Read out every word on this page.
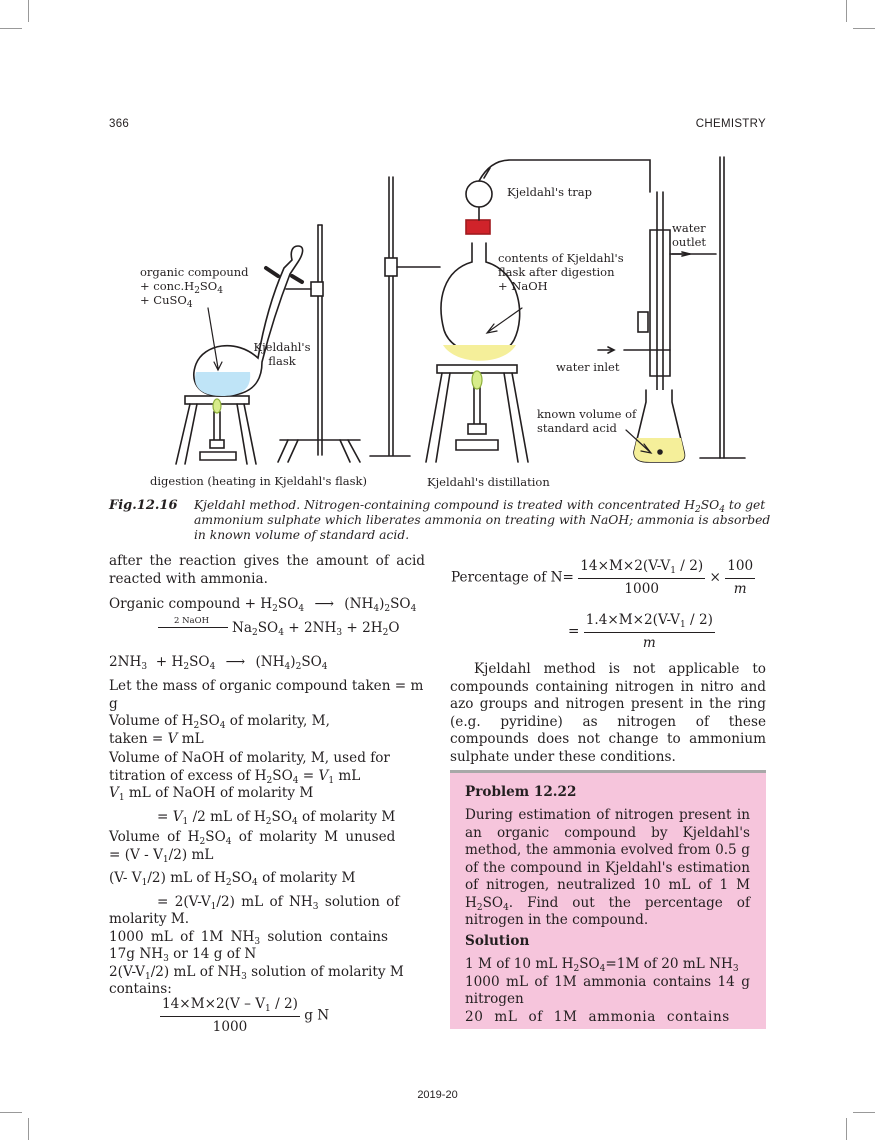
366	CHEMISTRY
organic compound
+ $conc.H_2SO_4$
+ CuSO$_4$
Kjeldahl's
flask
Kjeldahl's trap
contents of Kjeldahl's
flask after digestion
+ NaOH
water
outlet
water inlet
known volume of
standard acid
digestion (heating in Kjeldahl's flask)	Kjeldahl's distillation
Fig.12.16 Kjeldahl method. Nitrogen-containing compound is treated with concentrated $H_2SO_4$ to get
ammonium sulphate which liberates ammonia on treating with NaOH; ammonia is absorbed
in known volume of standard acid.
after the reaction gives the amount of acid reacted with ammonia.
Organic compound + $H_2SO_4$ ⟶ $(NH_4)_2SO_4$
2 NaOH $Na_2SO_4 + 2NH_3 + 2H_2O$
$2NH_3 + H_2SO_4$ ⟶ $(NH_4)_2SO_4$
Let the mass of organic compound taken = m g
Volume of $H_2SO_4$ of molarity, M,
taken = V mL
Volume of NaOH of molarity, M, used for
titration of excess of $H_2SO_4 = V_1$ mL
$V_1$ mL of NaOH of molarity M
= $V_1$ /2 mL of $H_2SO_4$ of molarity M
Volume of $H_2SO_4$ of molarity M unused
= $(V - V_1/2)$ mL
(V- $V_1/2$) mL of $H_2SO_4$ of molarity M
= $2(V-V_1/2)$ mL of $NH_3$ solution of
molarity M.
1000 mL of 1M $NH_3$ solution contains
17g $NH_3$ or 14 g of N
$2(V-V_1/2)$ mL of $NH_3$ solution of molarity M
contains:
$\frac{14\times M\times 2(V - V_1 / 2)}{1000}$ g N
Percentage of $N= \frac{14\times M\times 2(V-V_1 / 2)}{1000} \times \frac{100}{m}$
= $\frac{1.4\times M\times 2(V-V_1 / 2)}{m}$
Kjeldahl method is not applicable to compounds containing nitrogen in nitro and azo groups and nitrogen present in the ring (e.g. pyridine) as nitrogen of these compounds does not change to ammonium sulphate under these conditions.
Problem 12.22
During estimation of nitrogen present in an organic compound by Kjeldahl's method, the ammonia evolved from 0.5 g of the compound in Kjeldahl's estimation of nitrogen, neutralized 10 mL of 1 M $H_2SO_4$. Find out the percentage of nitrogen in the compound.
Solution
1 M of 10 mL $H_2SO_4=1M$ of 20 mL $NH_3$
1000 mL of 1M ammonia contains 14 g nitrogen
20 mL of 1M ammonia contains
2019-20
